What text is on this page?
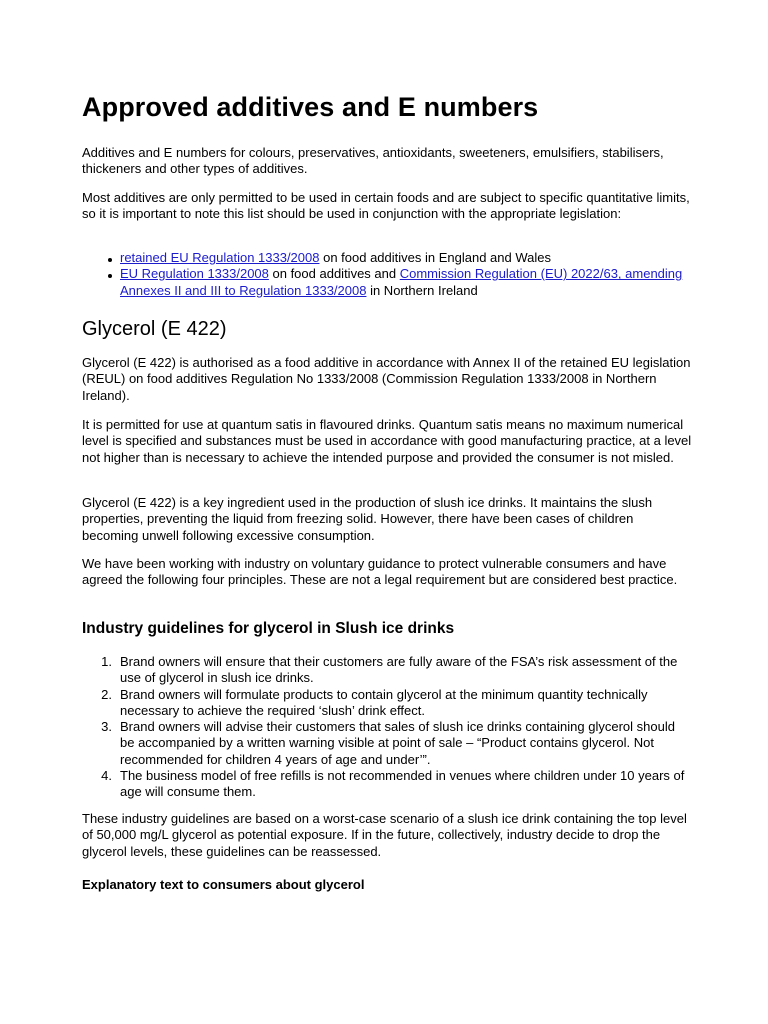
Approved additives and E numbers

Additives and E numbers for colours, preservatives, antioxidants, sweeteners, emulsifiers, stabilisers, thickeners and other types of additives.

Most additives are only permitted to be used in certain foods and are subject to specific quantitative limits, so it is important to note this list should be used in conjunction with the appropriate legislation:

retained EU Regulation 1333/2008 on food additives in England and Wales
EU Regulation 1333/2008 on food additives and Commission Regulation (EU) 2022/63, amending Annexes II and III to Regulation 1333/2008 in Northern Ireland
Glycerol (E 422)

Glycerol (E 422) is authorised as a food additive in accordance with Annex II of the retained EU legislation (REUL) on food additives Regulation No 1333/2008 (Commission Regulation 1333/2008 in Northern Ireland).

It is permitted for use at quantum satis in flavoured drinks. Quantum satis means no maximum numerical level is specified and substances must be used in accordance with good manufacturing practice, at a level not higher than is necessary to achieve the intended purpose and provided the consumer is not misled.

Glycerol (E 422) is a key ingredient used in the production of slush ice drinks. It maintains the slush properties, preventing the liquid from freezing solid. However, there have been cases of children becoming unwell following excessive consumption.

We have been working with industry on voluntary guidance to protect vulnerable consumers and have agreed the following four principles. These are not a legal requirement but are considered best practice.

Industry guidelines for glycerol in Slush ice drinks
1. Brand owners will ensure that their customers are fully aware of the FSA’s risk assessment of the use of glycerol in slush ice drinks.
2. Brand owners will formulate products to contain glycerol at the minimum quantity technically necessary to achieve the required ‘slush’ drink effect.
3. Brand owners will advise their customers that sales of slush ice drinks containing glycerol should be accompanied by a written warning visible at point of sale – “Product contains glycerol. Not recommended for children 4 years of age and under’”.
4. The business model of free refills is not recommended in venues where children under 10 years of age will consume them.

These industry guidelines are based on a worst-case scenario of a slush ice drink containing the top level of 50,000 mg/L glycerol as potential exposure. If in the future, collectively, industry decide to drop the glycerol levels, these guidelines can be reassessed.

Explanatory text to consumers about glycerol
